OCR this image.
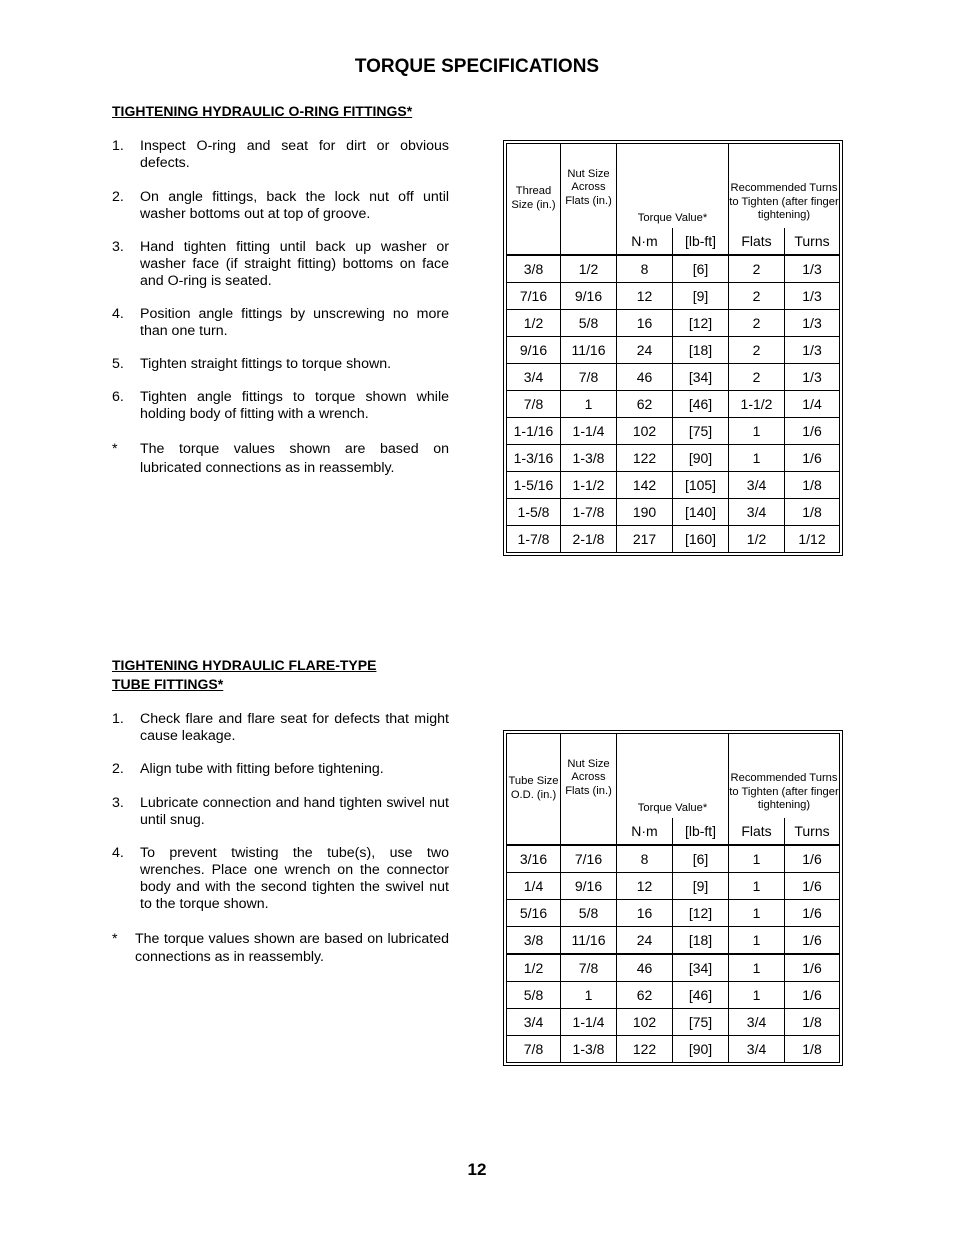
TORQUE SPECIFICATIONS
TIGHTENING HYDRAULIC O-RING FITTINGS*
1. Inspect O-ring and seat for dirt or obvious defects.
2. On angle fittings, back the lock nut off until washer bottoms out at top of groove.
3. Hand tighten fitting until back up washer or washer face (if straight fitting) bottoms on face and O-ring is seated.
4. Position angle fittings by unscrewing no more than one turn.
5. Tighten straight fittings to torque shown.
6. Tighten angle fittings to torque shown while holding body of fitting with a wrench.
*	The torque values shown are based on lubricated connections as in reassembly.
Thread Size (in.)	Nut Size Across Flats (in.)	Torque Value*		Recommended Turns to Tighten (after finger tightening)	
		N·m	[lb-ft]	Flats	Turns
3/8	1/2	8	[6]	2	1/3
7/16	9/16	12	[9]	2	1/3
1/2	5/8	16	[12]	2	1/3
9/16	11/16	24	[18]	2	1/3
3/4	7/8	46	[34]	2	1/3
7/8	1	62	[46]	1-1/2	1/4
1-1/16	1-1/4	102	[75]	1	1/6
1-3/16	1-3/8	122	[90]	1	1/6
1-5/16	1-1/2	142	[105]	3/4	1/8
1-5/8	1-7/8	190	[140]	3/4	1/8
1-7/8	2-1/8	217	[160]	1/2	1/12
TIGHTENING HYDRAULIC FLARE-TYPE
TUBE FITTINGS*
1. Check flare and flare seat for defects that might cause leakage.
2. Align tube with fitting before tightening.
3. Lubricate connection and hand tighten swivel nut until snug.
4. To prevent twisting the tube(s), use two wrenches. Place one wrench on the connector body and with the second tighten the swivel nut to the torque shown.
*	The torque values shown are based on lubricated connections as in reassembly.
Tube Size O.D. (in.)	Nut Size Across Flats (in.)	Torque Value*		Recommended Turns to Tighten (after finger tightening)	
		N·m	[lb-ft]	Flats	Turns
3/16	7/16	8	[6]	1	1/6
1/4	9/16	12	[9]	1	1/6
5/16	5/8	16	[12]	1	1/6
3/8	11/16	24	[18]	1	1/6
1/2	7/8	46	[34]	1	1/6
5/8	1	62	[46]	1	1/6
3/4	1-1/4	102	[75]	3/4	1/8
7/8	1-3/8	122	[90]	3/4	1/8
12
